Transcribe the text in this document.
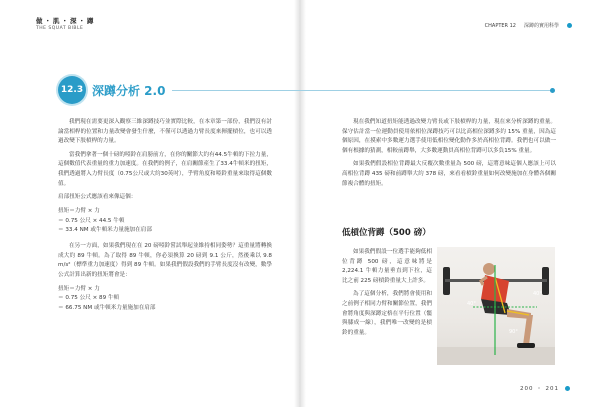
做・肌・深・蹲
THE SQUAT BIBLE	CHAPTER 12 深蹲的實用科學
12.3 深蹲分析 2.0

我們現在需要更深入觀察三維深蹲技巧並實際比較，在本章第一部份，我們沒有討論當相桿的位置和力量改變會發生什麼，不僅可以透過力臂長度來揮擺槓位，也可以透過改變下肢槓桿的力量。

當我們拿著一個十磅的啞鈴在肩膀前方，在你的關節大約有44.5牛頓的下拉力量，這個數值代表重量的重力加速度。在我們的例子，在肩關節產生了33.4牛頓米的扭矩，我們透過將入力臂長度（0.75公尺或大約30英吋），乎臂角度和啞鈴重量來取得這個數值。

肩部扭矩公式應該看來像這個：

扭矩＝力臂 × 力
＝ 0.75 公尺 × 44.5 牛頓
＝ 33.4 NM 或牛頓米力量施加在肩部

在另一方面，如果我們現在在 20 磅啞鈴嘗試舉起並維持相同姿勢？這重量將轉換成大約 89 牛頓。為了取得 89 牛頓，你必須換算 20 磅到 9.1 公斤，然後乘以 9.8 m/s²（標準重力加速度）得到 89 牛頓。如果我們假設我們的手臂長度沒有改變，數學公式計算出新的扭矩將會是：

扭矩＝力臂 × 力
＝ 0.75 公尺 × 89 牛頓
＝ 66.75 NM 或牛頓米力量施加在肩部

現在我們知道扭矩能透過改變力臂長或下肢槓桿的力量，現在來分析深蹲的重量。保守估計當一位運動員使用依相位深蹲技巧可以比高相位深蹲多約 15% 重量，因為這個原因，在摸索中多數運力選手使用低相位變化動作多於高相位背蹲。我們也可以做一個有根據的猜測，相較前蹲舉，大多數運動員高相位背蹲可以多負15% 重量。

如果我們假設相位背蹲最大反覆次數重量為 500 磅，這將意味這個人應該上可以高相位背蹲 435 磅和前蹲舉大約 378 磅，來看看槓鈴重量如何改變施加在身體各個關節複合體的扭矩。

低槓位背蹲（500 磅）

如果我們假設一位選手能夠低相位背蹲 500 磅，這意味將是 2,224.1 牛頓力量垂直到下拉，這比之前 225 磅槓鈴重量大上許多。

為了這個分析，我們將會使用和之前例子相同力臂和關節位置，我們會將角度與深蹲定格在平行位置（髖與膝成一線），我們唯一改變的是槓鈴的重量。

40°
40°
90°
200 ・ 201
